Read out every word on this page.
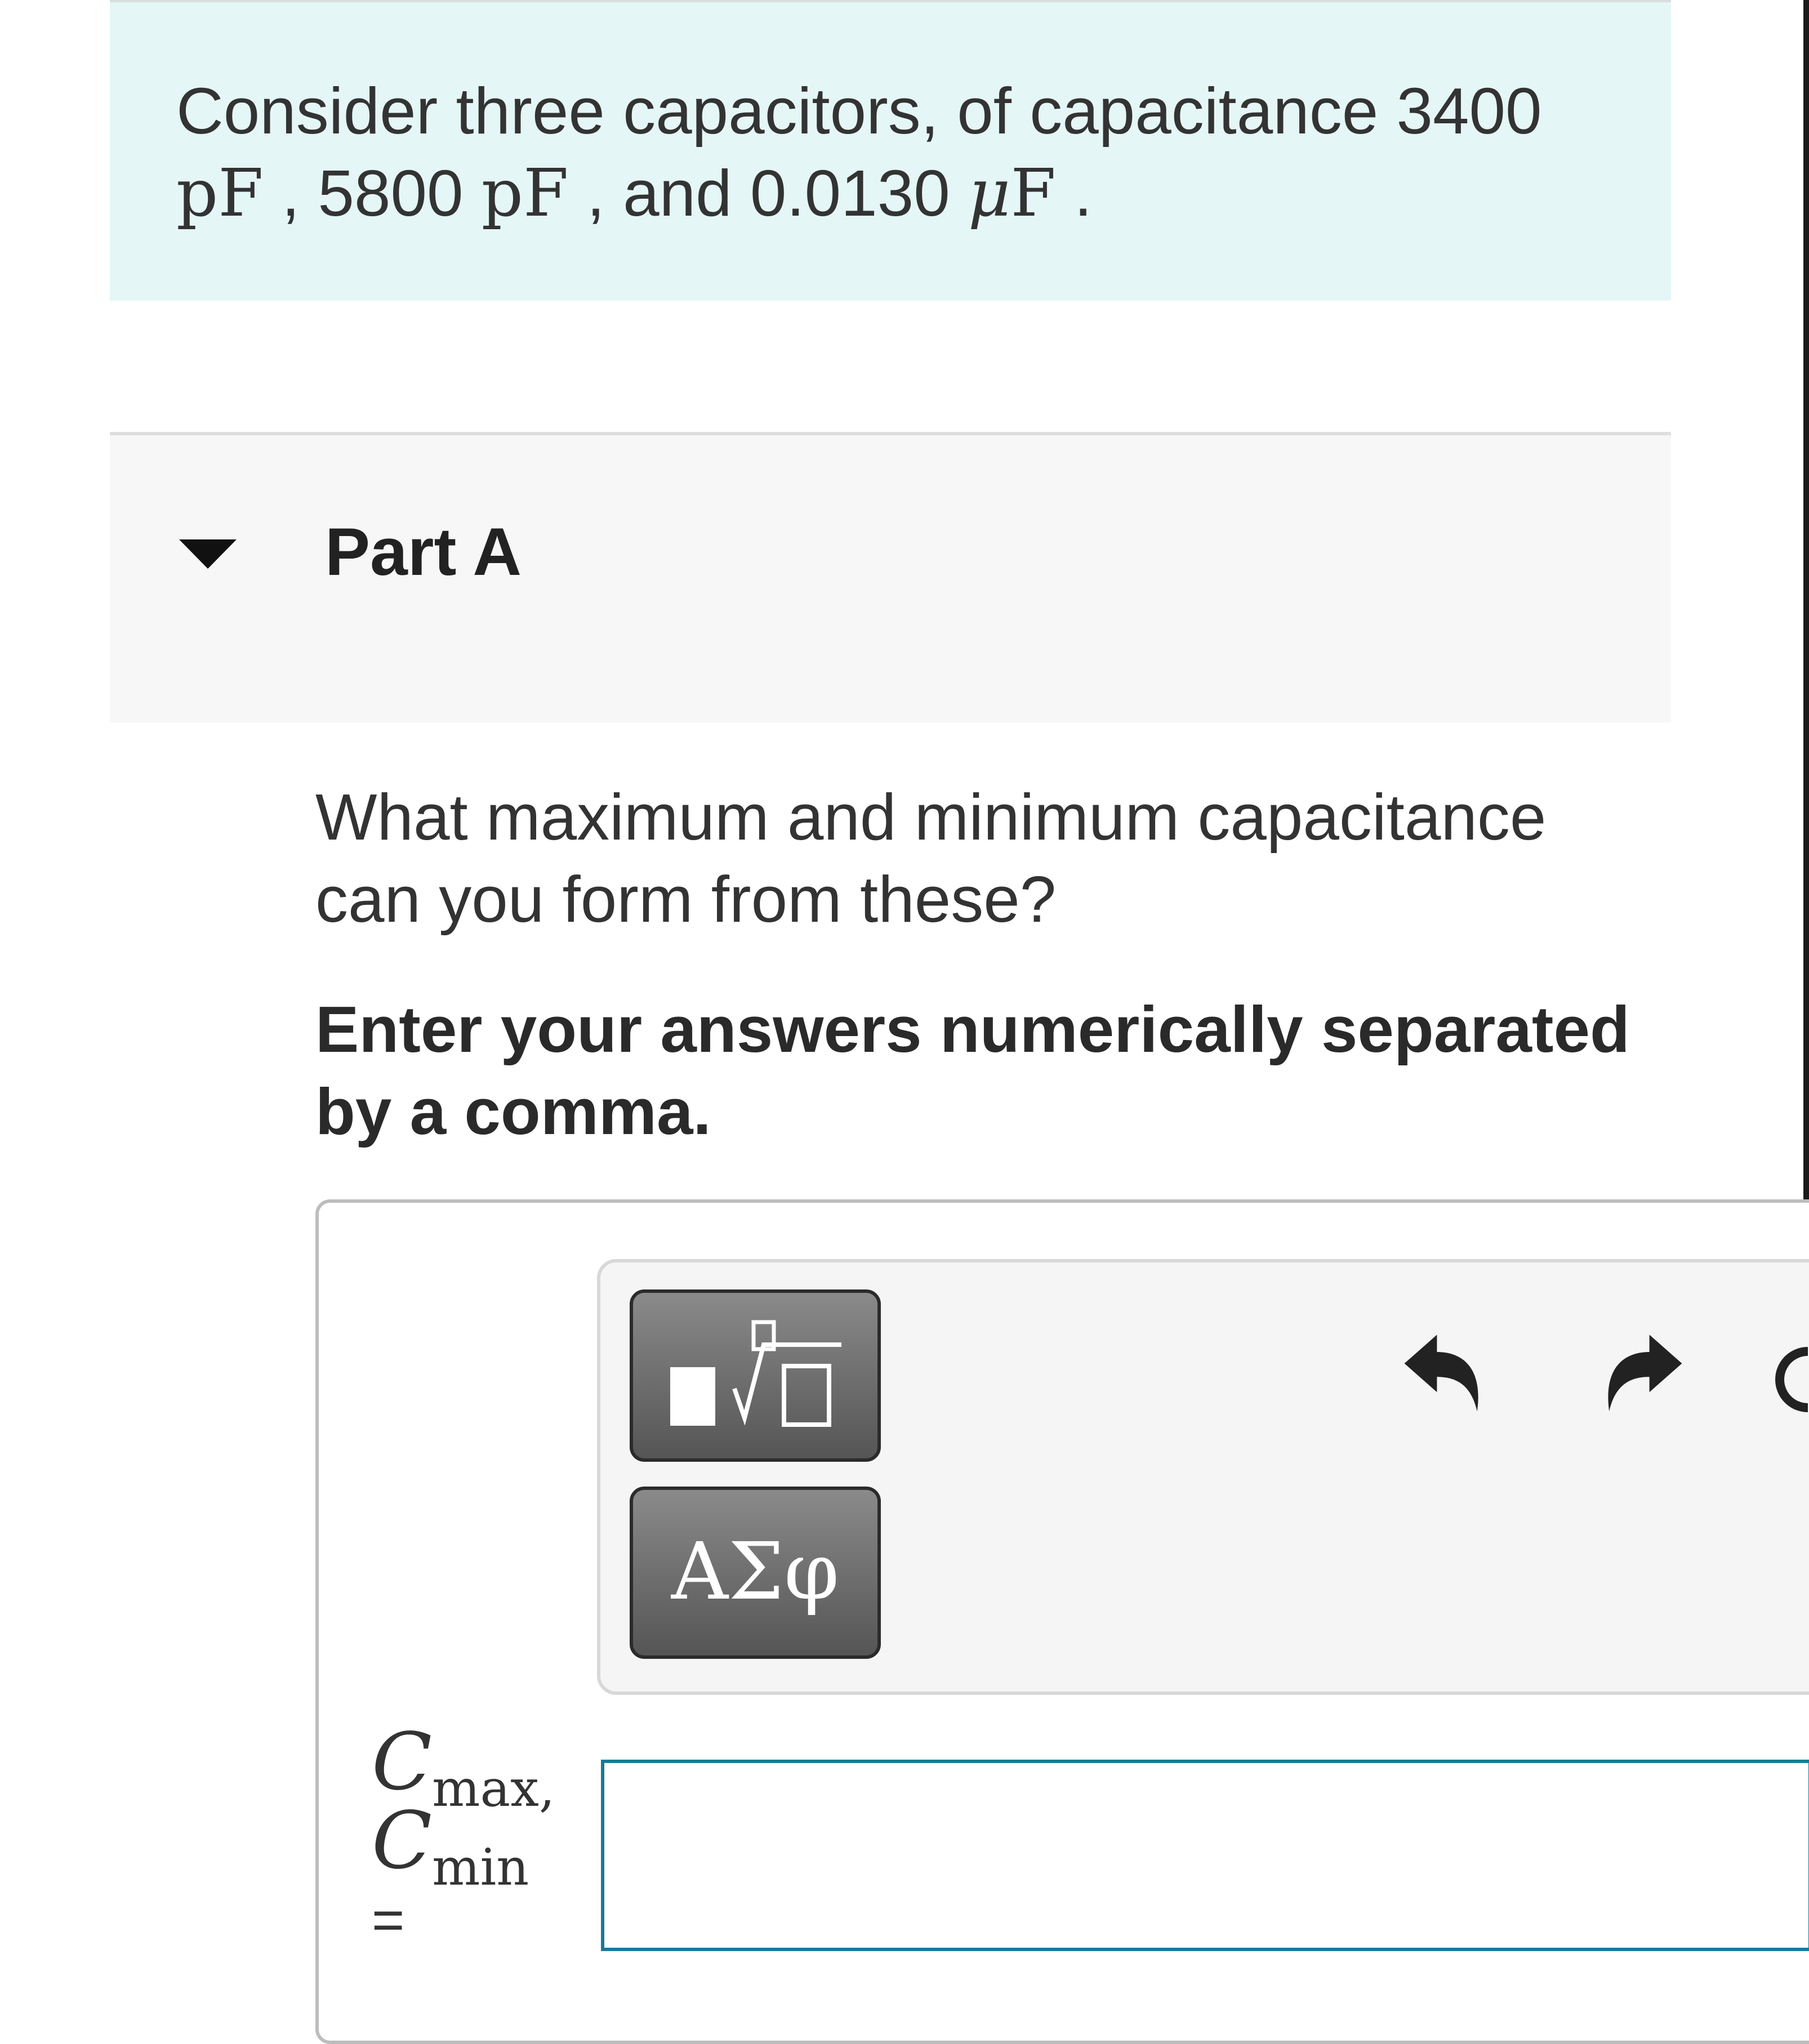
Consider three capacitors, of capacitance 3400
pF , 5800 pF , and 0.0130 μF .

Part A

What maximum and minimum capacitance can you form from these?

Enter your answers numerically separated by a comma.

ΑΣφ
Cmax,
Cmin
=
